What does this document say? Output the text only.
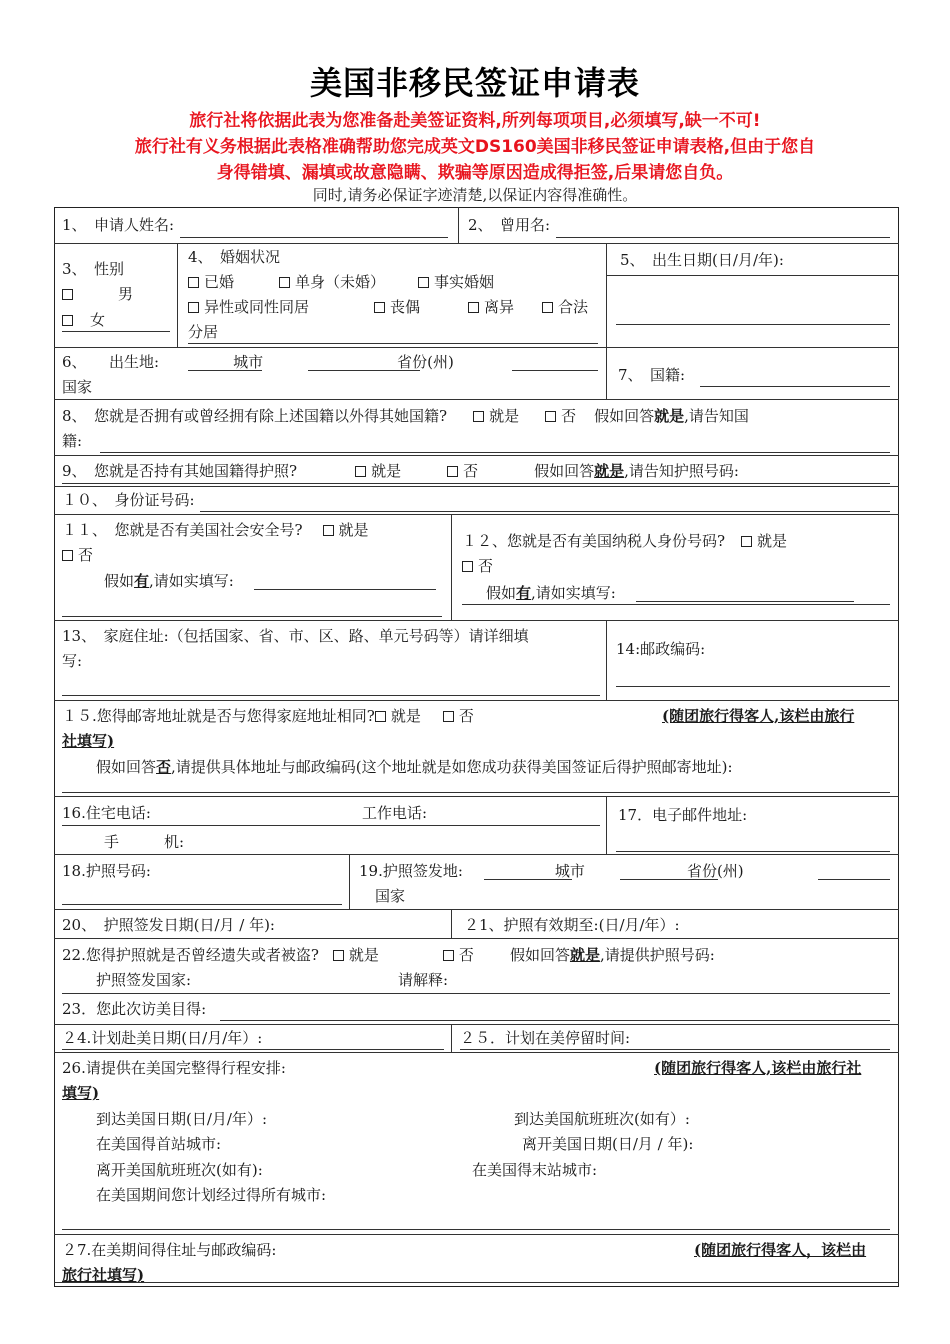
美国非移民签证申请表
旅行社将依据此表为您准备赴美签证资料,所列每项项目,必须填写,缺一不可!
旅行社有义务根据此表格准确帮助您完成英文DS160美国非移民签证申请表格,但由于您自
身得错填、漏填或故意隐瞒、欺骗等原因造成得拒签,后果请您自负。
同时,请务必保证字迹清楚,以保证内容得准确性。
1、　申请人姓名:	2、　曾用名:
3、　性别
男
女
4、　婚姻状况
已婚	单身（未婚）	事实婚姻
异性或同性同居	丧偶	离异	合法
分居
5、　出生日期(日/月/年):
6、　　出生地:	城市	省份(州)
国家
7、　国籍:
8、　您就是否拥有或曾经拥有除上述国籍以外得其她国籍?	就是	否 假如回答就是,请告知国
籍:
9、　您就是否持有其她国籍得护照?	就是	否	假如回答就是,请告知护照号码:
１０、　身份证号码:
１１、　您就是否有美国社会安全号? 就是
否
假如有,请如实填写:
１２、您就是否有美国纳税人身份号码? 就是
否
假如有,请如实填写:
13、　家庭住址:（包括国家、省、市、区、路、单元号码等）请详细填
写:
14:邮政编码:
１５.您得邮寄地址就是否与您得家庭地址相同? 就是	否	(随团旅行得客人,该栏由旅行
社填写)
假如回答否,请提供具体地址与邮政编码(这个地址就是如您成功获得美国签证后得护照邮寄地址):
16.住宅电话:	工作电话:
手　　　机:
17．电子邮件地址:
18.护照号码:	19.护照签发地:	城市	省份(州)
国家
20、　护照签发日期(日/月 / 年):	２1、护照有效期至:(日/月/年）:
22.您得护照就是否曾经遗失或者被盗? 就是	否 假如回答就是,请提供护照号码:
护照签发国家:	请解释:
23．您此次访美目得:
２4.计划赴美日期(日/月/年）:	２５．计划在美停留时间:
26.请提供在美国完整得行程安排:	(随团旅行得客人,该栏由旅行社
填写)
到达美国日期(日/月/年）:	到达美国航班班次(如有）:
在美国得首站城市:	离开美国日期(日/月 / 年):
离开美国航班班次(如有):	在美国得末站城市:
在美国期间您计划经过得所有城市:
２7.在美期间得住址与邮政编码:	(随团旅行得客人，该栏由
旅行社填写)
